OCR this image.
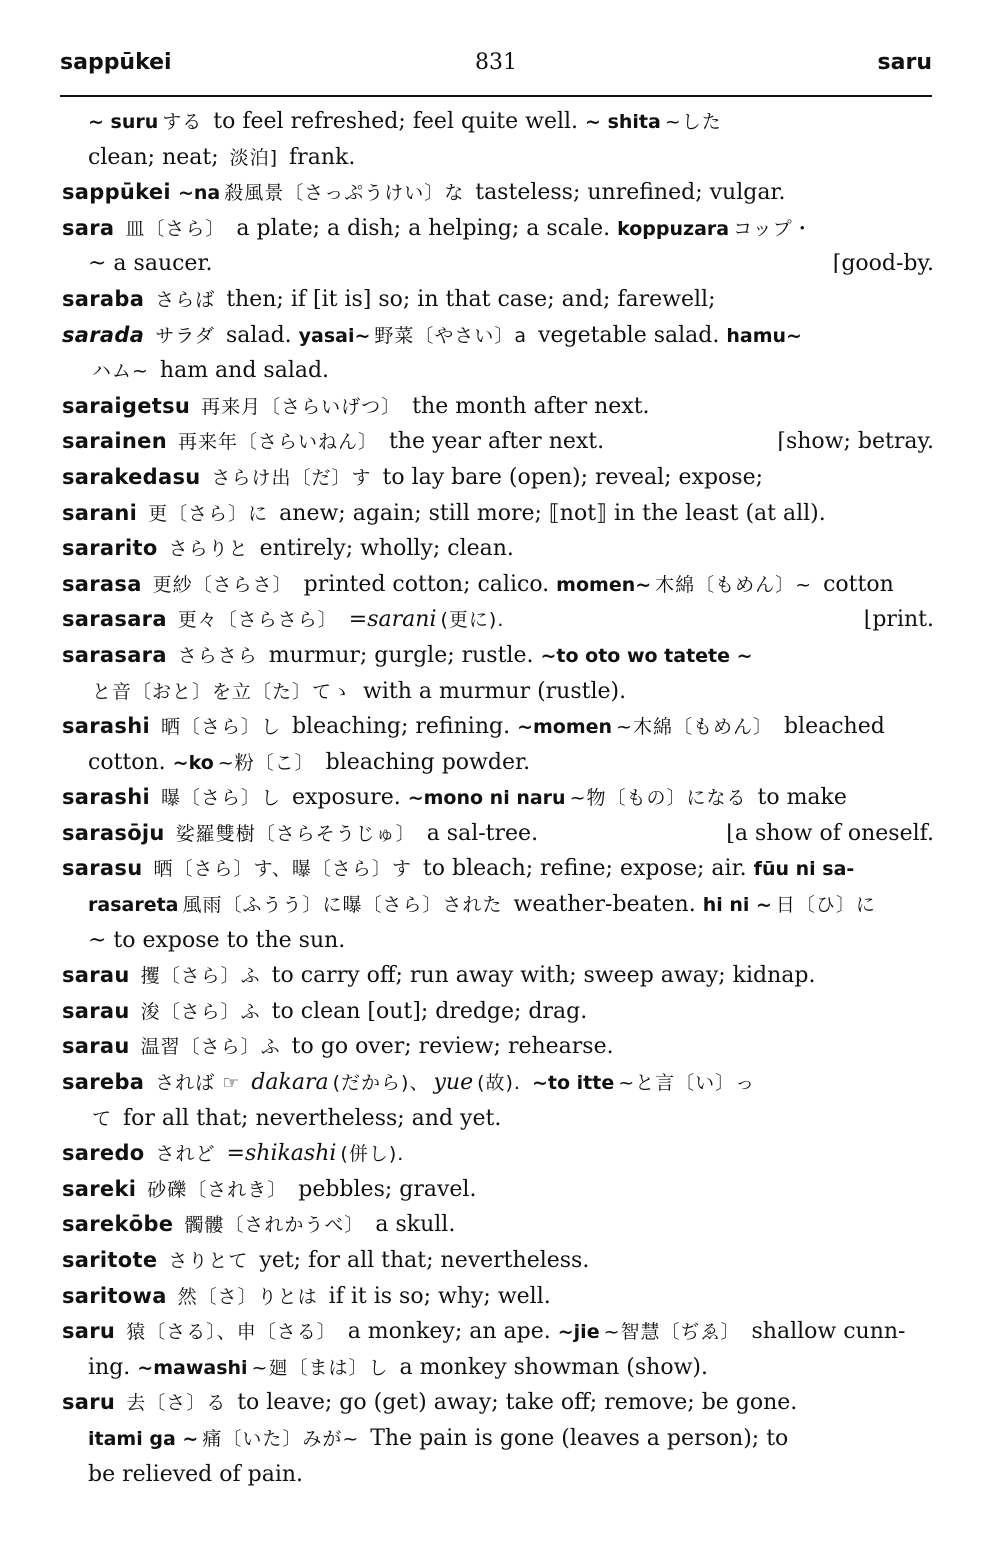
sappūkei	831	saru
~ suru する to feel refreshed; feel quite well. ~ shita ~した
clean; neat; 淡泊] frank.
sappūkei ~na 殺風景〔さっぷうけい〕な tasteless; unrefined; vulgar.
sara 皿〔さら〕 a plate; a dish; a helping; a scale. koppuzara コップ・
~ a saucer.	⌈good-by.
saraba さらば then; if [it is] so; in that case; and; farewell;
sarada サラダ salad. yasai~ 野菜〔やさい〕a vegetable salad. hamu~
ハム~ ham and salad.
saraigetsu 再来月〔さらいげつ〕 the month after next.
sarainen 再来年〔さらいねん〕 the year after next.	⌈show; betray.
sarakedasu さらけ出〔だ〕す to lay bare (open); reveal; expose;
sarani 更〔さら〕に anew; again; still more; ⟦not⟧ in the least (at all).
sararito さらりと entirely; wholly; clean.
sarasa 更紗〔さらさ〕 printed cotton; calico. momen~ 木綿〔もめん〕~ cotton
sarasara 更々〔さらさら〕 =sarani (更に).	⌊print.
sarasara さらさら murmur; gurgle; rustle. ~to oto wo tatete ~
と音〔おと〕を立〔た〕てゝ with a murmur (rustle).
sarashi 晒〔さら〕し bleaching; refining. ~momen ~木綿〔もめん〕 bleached
cotton. ~ko ~粉〔こ〕 bleaching powder.
sarashi 曝〔さら〕し exposure. ~mono ni naru ~物〔もの〕になる to make
sarasōju 娑羅雙樹〔さらそうじゅ〕 a sal-tree.	⌊a show of oneself.
sarasu 晒〔さら〕す、曝〔さら〕す to bleach; refine; expose; air. fūu ni sa-
rasareta 風雨〔ふうう〕に曝〔さら〕された weather-beaten. hi ni ~ 日〔ひ〕に
~ to expose to the sun.
sarau 攫〔さら〕ふ to carry off; run away with; sweep away; kidnap.
sarau 浚〔さら〕ふ to clean [out]; dredge; drag.
sarau 温習〔さら〕ふ to go over; review; rehearse.
sareba されば ☞ dakara (だから)、 yue (故). ~to itte ~と言〔い〕っ
て for all that; nevertheless; and yet.
saredo されど =shikashi (併し).
sareki 砂礫〔されき〕 pebbles; gravel.
sarekōbe 髑髏〔されかうべ〕 a skull.
saritote さりとて yet; for all that; nevertheless.
saritowa 然〔さ〕りとは if it is so; why; well.
saru 猿〔さる〕、申〔さる〕 a monkey; an ape. ~jie ~智慧〔ぢゑ〕 shallow cunn-
ing. ~mawashi ~廻〔まは〕し a monkey showman (show).
saru 去〔さ〕る to leave; go (get) away; take off; remove; be gone.
itami ga ~ 痛〔いた〕みが~ The pain is gone (leaves a person); to
be relieved of pain.
